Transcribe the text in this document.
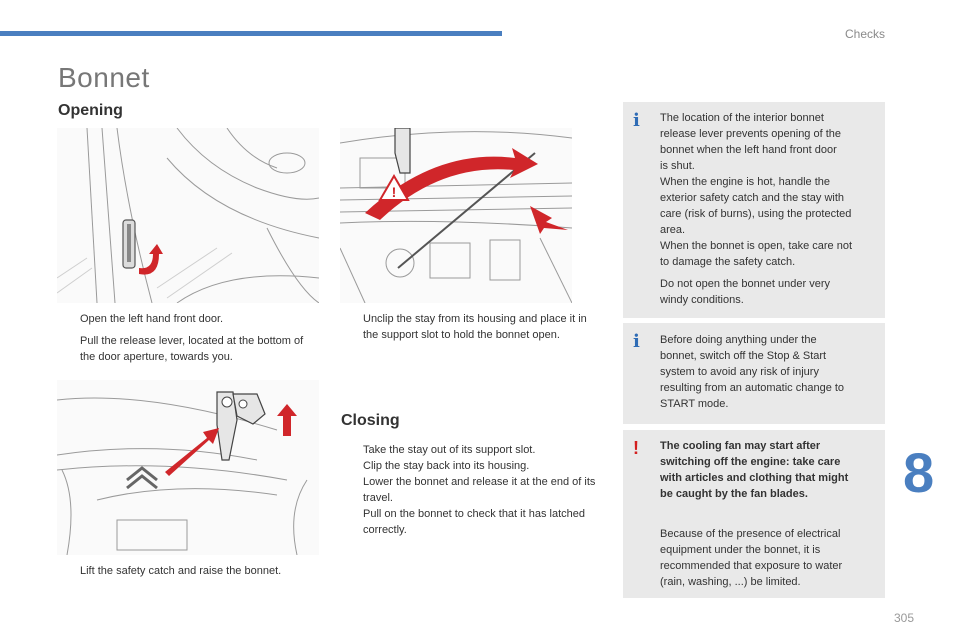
Checks
Bonnet
Opening
!
Open the left hand front door.
Pull the release lever, located at the bottom of the door aperture, towards you.
Unclip the stay from its housing and place it in the support slot to hold the bonnet open.
Lift the safety catch and raise the bonnet.
Closing
Take the stay out of its support slot.
Clip the stay back into its housing.
Lower the bonnet and release it at the end of its travel.
Pull on the bonnet to check that it has latched correctly.
i The location of the interior bonnet
release lever prevents opening of the
bonnet when the left hand front door
is shut.
When the engine is hot, handle the
exterior safety catch and the stay with
care (risk of burns), using the protected
area.
When the bonnet is open, take care not
to damage the safety catch.
Do not open the bonnet under very
windy conditions.
i Before doing anything under the
bonnet, switch off the Stop & Start
system to avoid any risk of injury
resulting from an automatic change to
START mode.
! The cooling fan may start after
switching off the engine: take care
with articles and clothing that might
be caught by the fan blades.
Because of the presence of electrical
equipment under the bonnet, it is
recommended that exposure to water
(rain, washing, ...) be limited.
8
305
